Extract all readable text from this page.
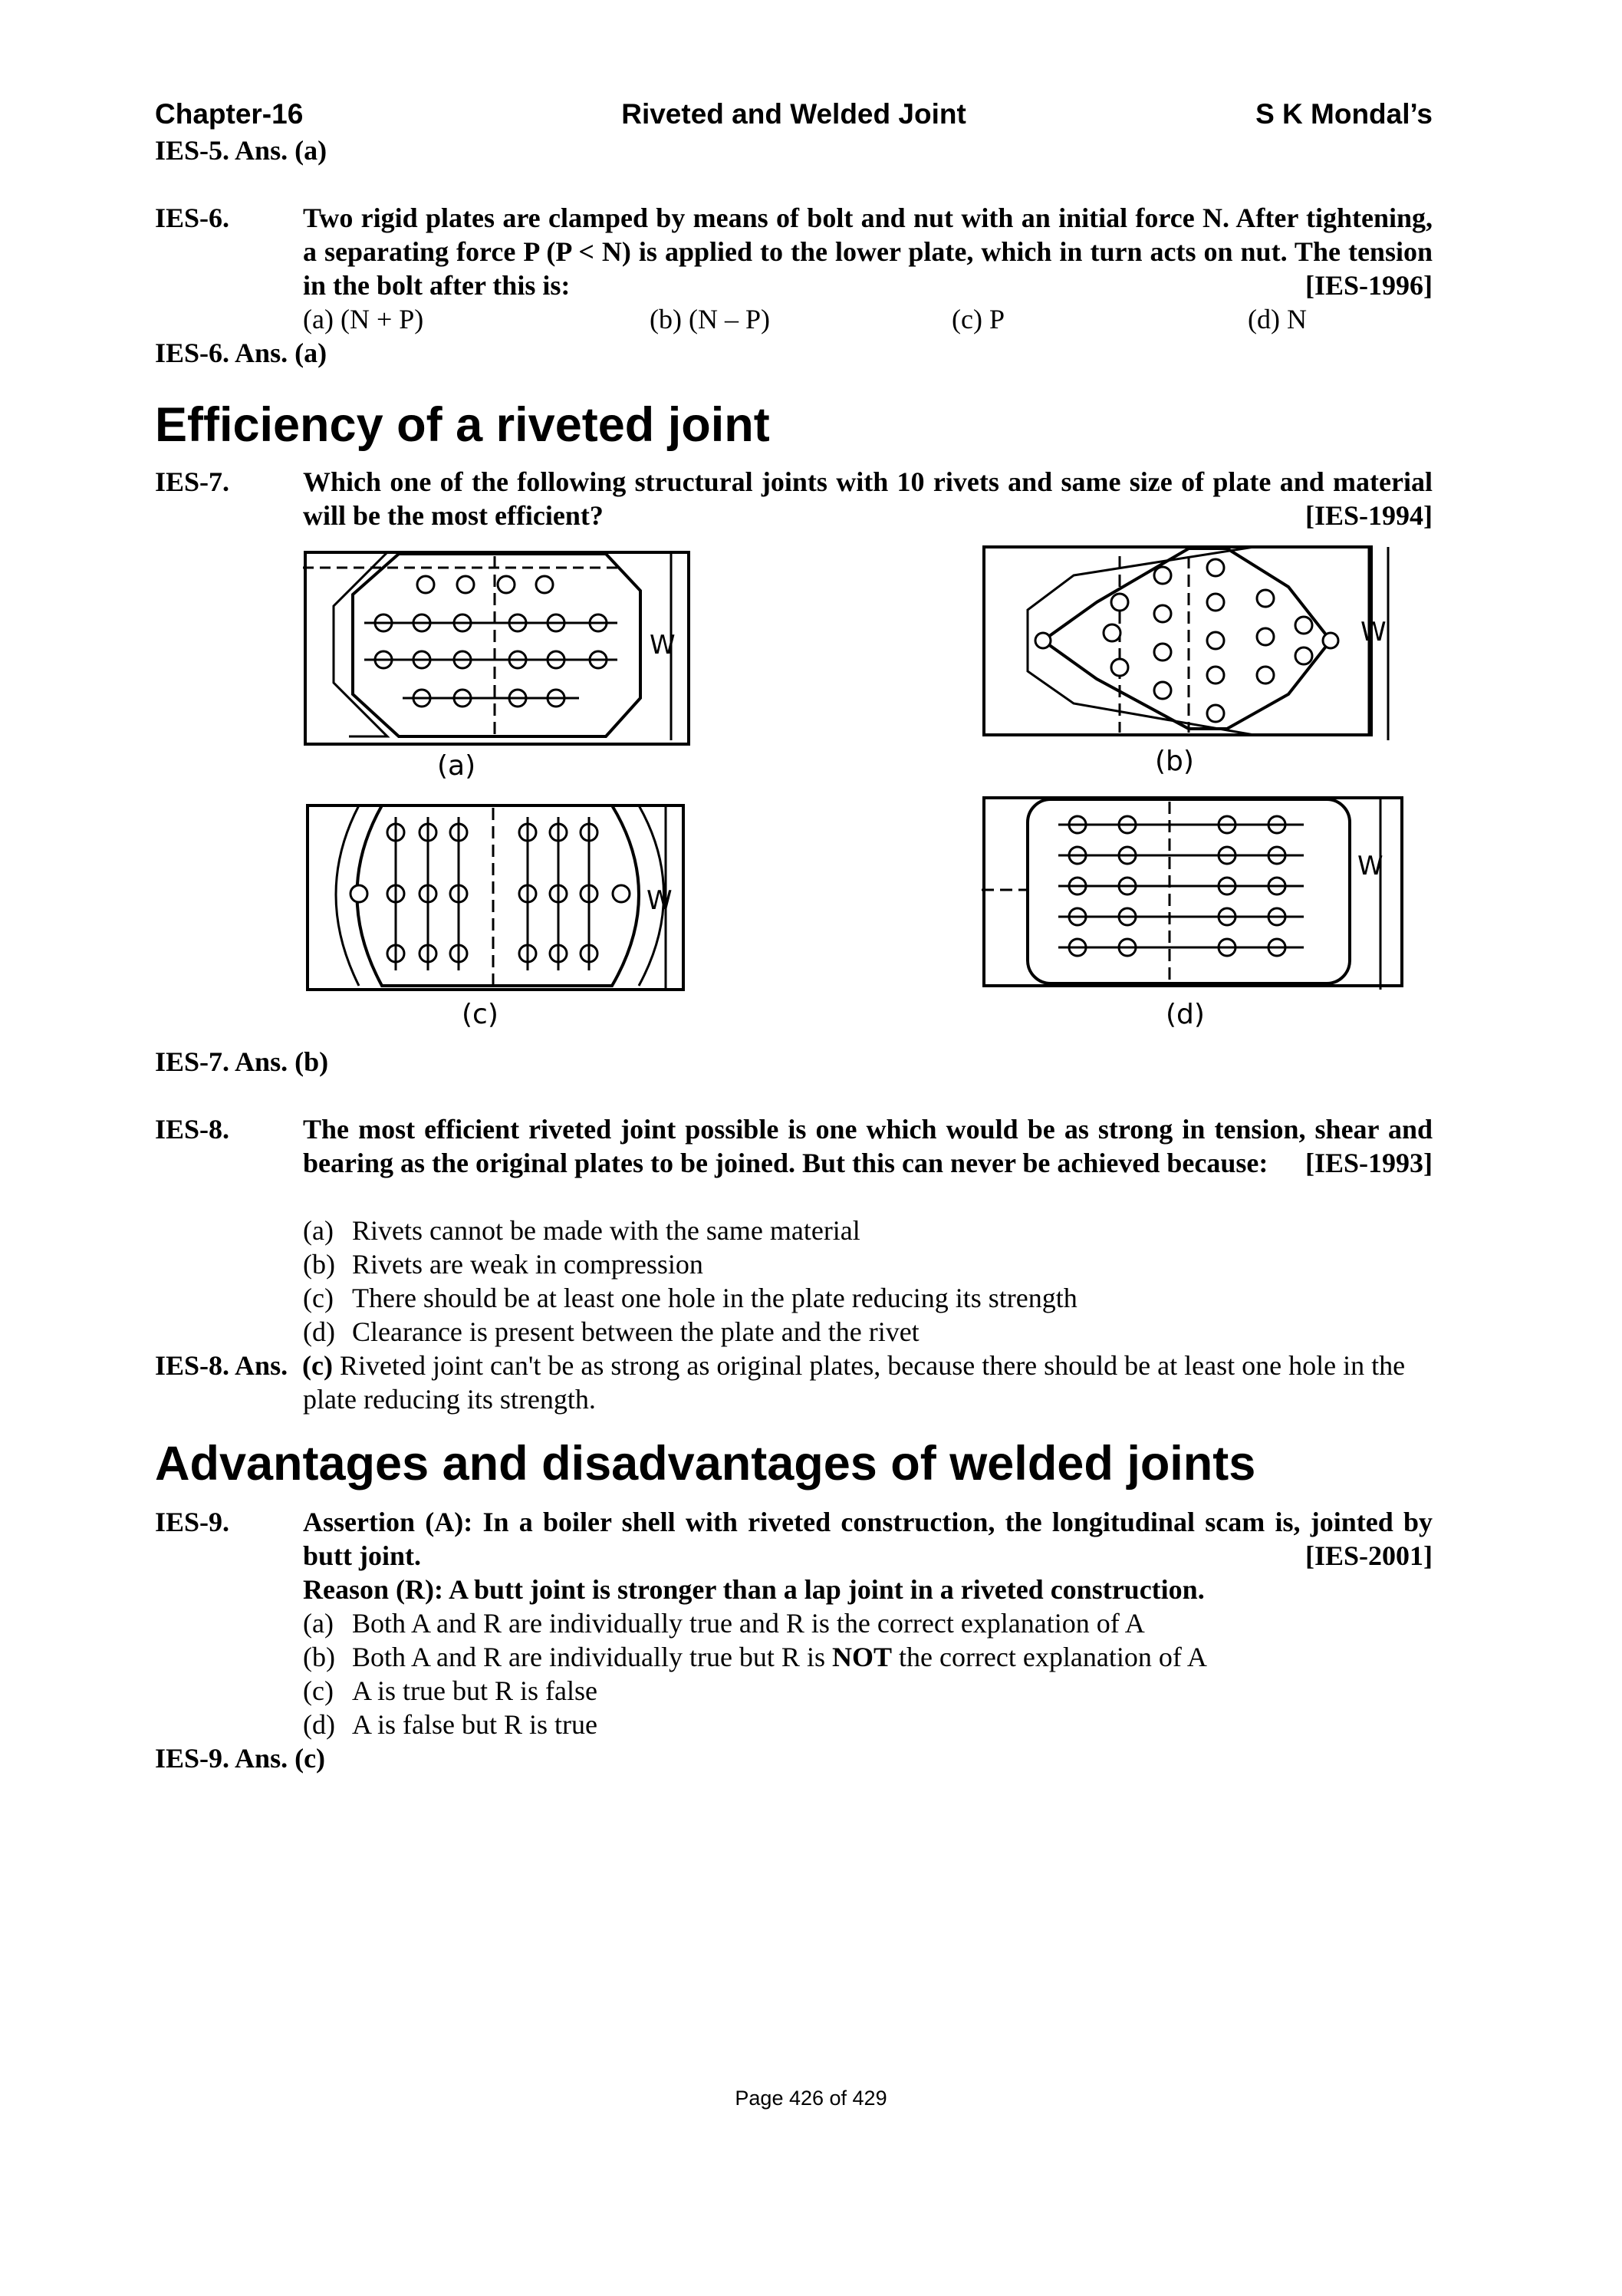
Chapter-16	Riveted and Welded Joint	S K Mondal’s
IES-5. Ans. (a)
IES-6.	Two rigid plates are clamped by means of bolt and nut with an initial force N. After tightening, a separating force P (P < N) is applied to the lower plate, which in turn acts on nut. The tension in the bolt after this is:	[IES-1996]
(a) (N + P)	(b) (N – P)	(c) P	(d) N
IES-6. Ans. (a)
Efficiency of a riveted joint
IES-7.	Which one of the following structural joints with 10 rivets and same size of plate and material will be the most efficient?	[IES-1994]
W
(a)
W
(b)
W
(c)
W
(d)
IES-7. Ans. (b)
IES-8.	The most efficient riveted joint possible is one which would be as strong in tension, shear and bearing as the original plates to be joined. But this can never be achieved because: [IES-1993]
(a) Rivets cannot be made with the same material
(b) Rivets are weak in compression
(c) There should be at least one hole in the plate reducing its strength
(d) Clearance is present between the plate and the rivet
IES-8. Ans. (c) Riveted joint can't be as strong as original plates, because there should be at least one hole in the plate reducing its strength.
Advantages and disadvantages of welded joints
IES-9.	Assertion (A): In a boiler shell with riveted construction, the longitudinal scam is, jointed by butt joint.	[IES-2001]
Reason (R): A butt joint is stronger than a lap joint in a riveted construction.
(a) Both A and R are individually true and R is the correct explanation of A
(b) Both A and R are individually true but R is NOT the correct explanation of A
(c) A is true but R is false
(d) A is false but R is true
IES-9. Ans. (c)
Page 426 of 429
